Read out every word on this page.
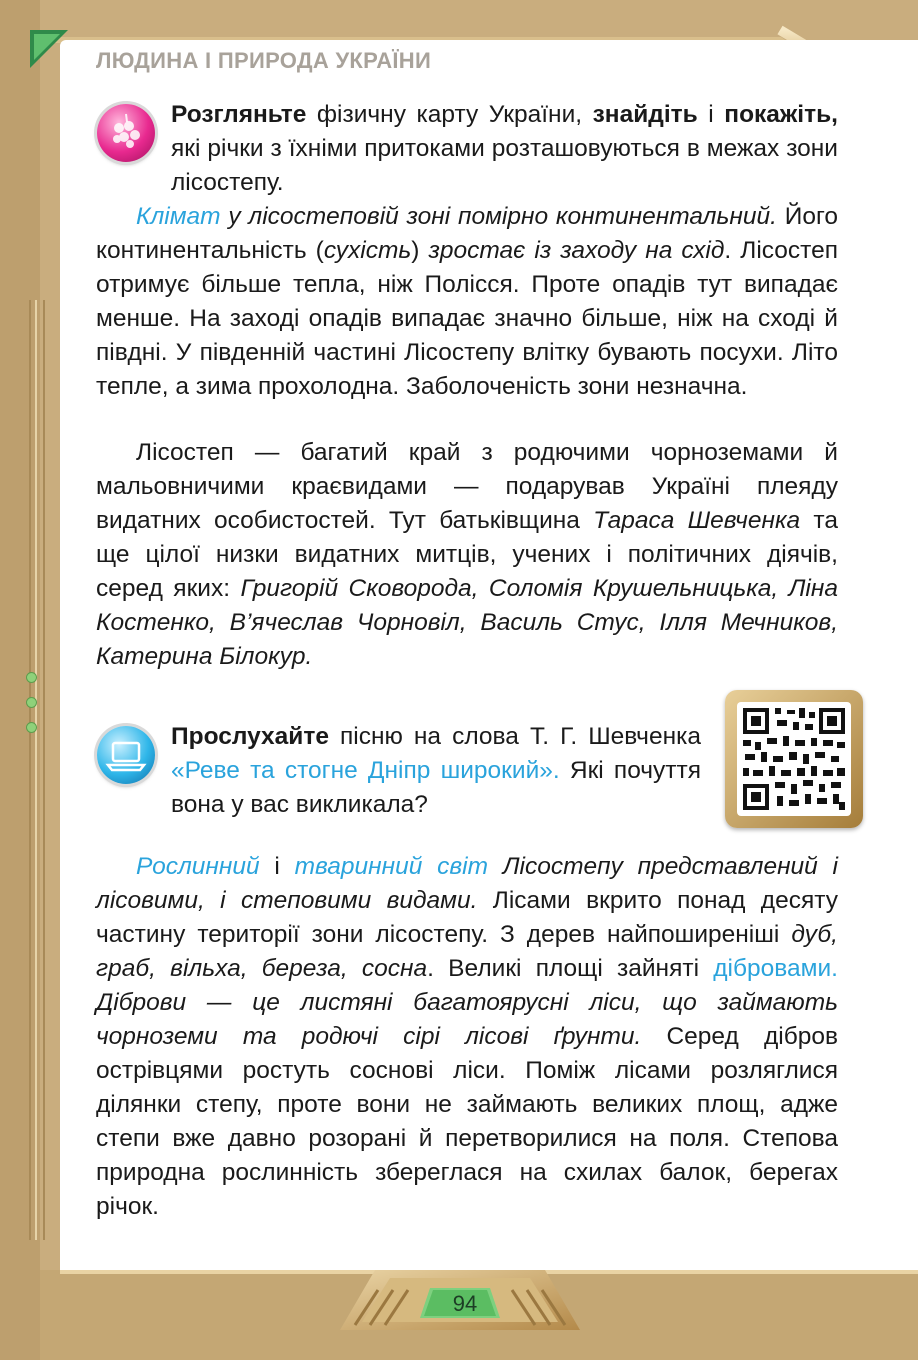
ЛЮДИНА І ПРИРОДА УКРАЇНИ

Розгляньте фізичну карту України, знайдіть і покажіть, які річки з їхніми притоками розташовуються в межах зони лісостепу.

Клімат у лісостеповій зоні помірно континентальний. Його континентальність (сухість) зростає із заходу на схід. Лісостеп отримує більше тепла, ніж Полісся. Проте опадів тут випадає менше. На заході опадів випадає значно більше, ніж на сході й півдні. У південній частині Лісостепу влітку бувають посухи. Літо тепле, а зима прохолодна. Заболоченість зони незначна.

Лісостеп — багатий край з родючими чорноземами й мальовничими краєвидами — подарував Україні плеяду видатних особистостей. Тут батьківщина Тараса Шевченка та ще цілої низки видатних митців, учених і політичних діячів, серед яких: Григорій Сковорода, Соломія Крушельницька, Ліна Костенко, В’ячеслав Чорновіл, Василь Стус, Ілля Мечников, Катерина Білокур.

Прослухайте пісню на слова Т. Г. Шевченка «Реве та стогне Дніпр широкий». Які почуття вона у вас викликала?

Рослинний і тваринний світ Лісостепу представлений і лісовими, і степовими видами. Лісами вкрито понад десяту частину території зони лісостепу. З дерев найпоширеніші дуб, граб, вільха, береза, сосна. Великі площі зайняті дібровами. Діброви — це листяні багатоярусні ліси, що займають чорноземи та родючі сірі лісові ґрунти. Серед дібров острівцями ростуть соснові ліси. Поміж лісами розляглися ділянки степу, проте вони не займають великих площ, адже степи вже давно розорані й перетворилися на поля. Степова природна рослинність збереглася на схилах балок, берегах річок.

94
